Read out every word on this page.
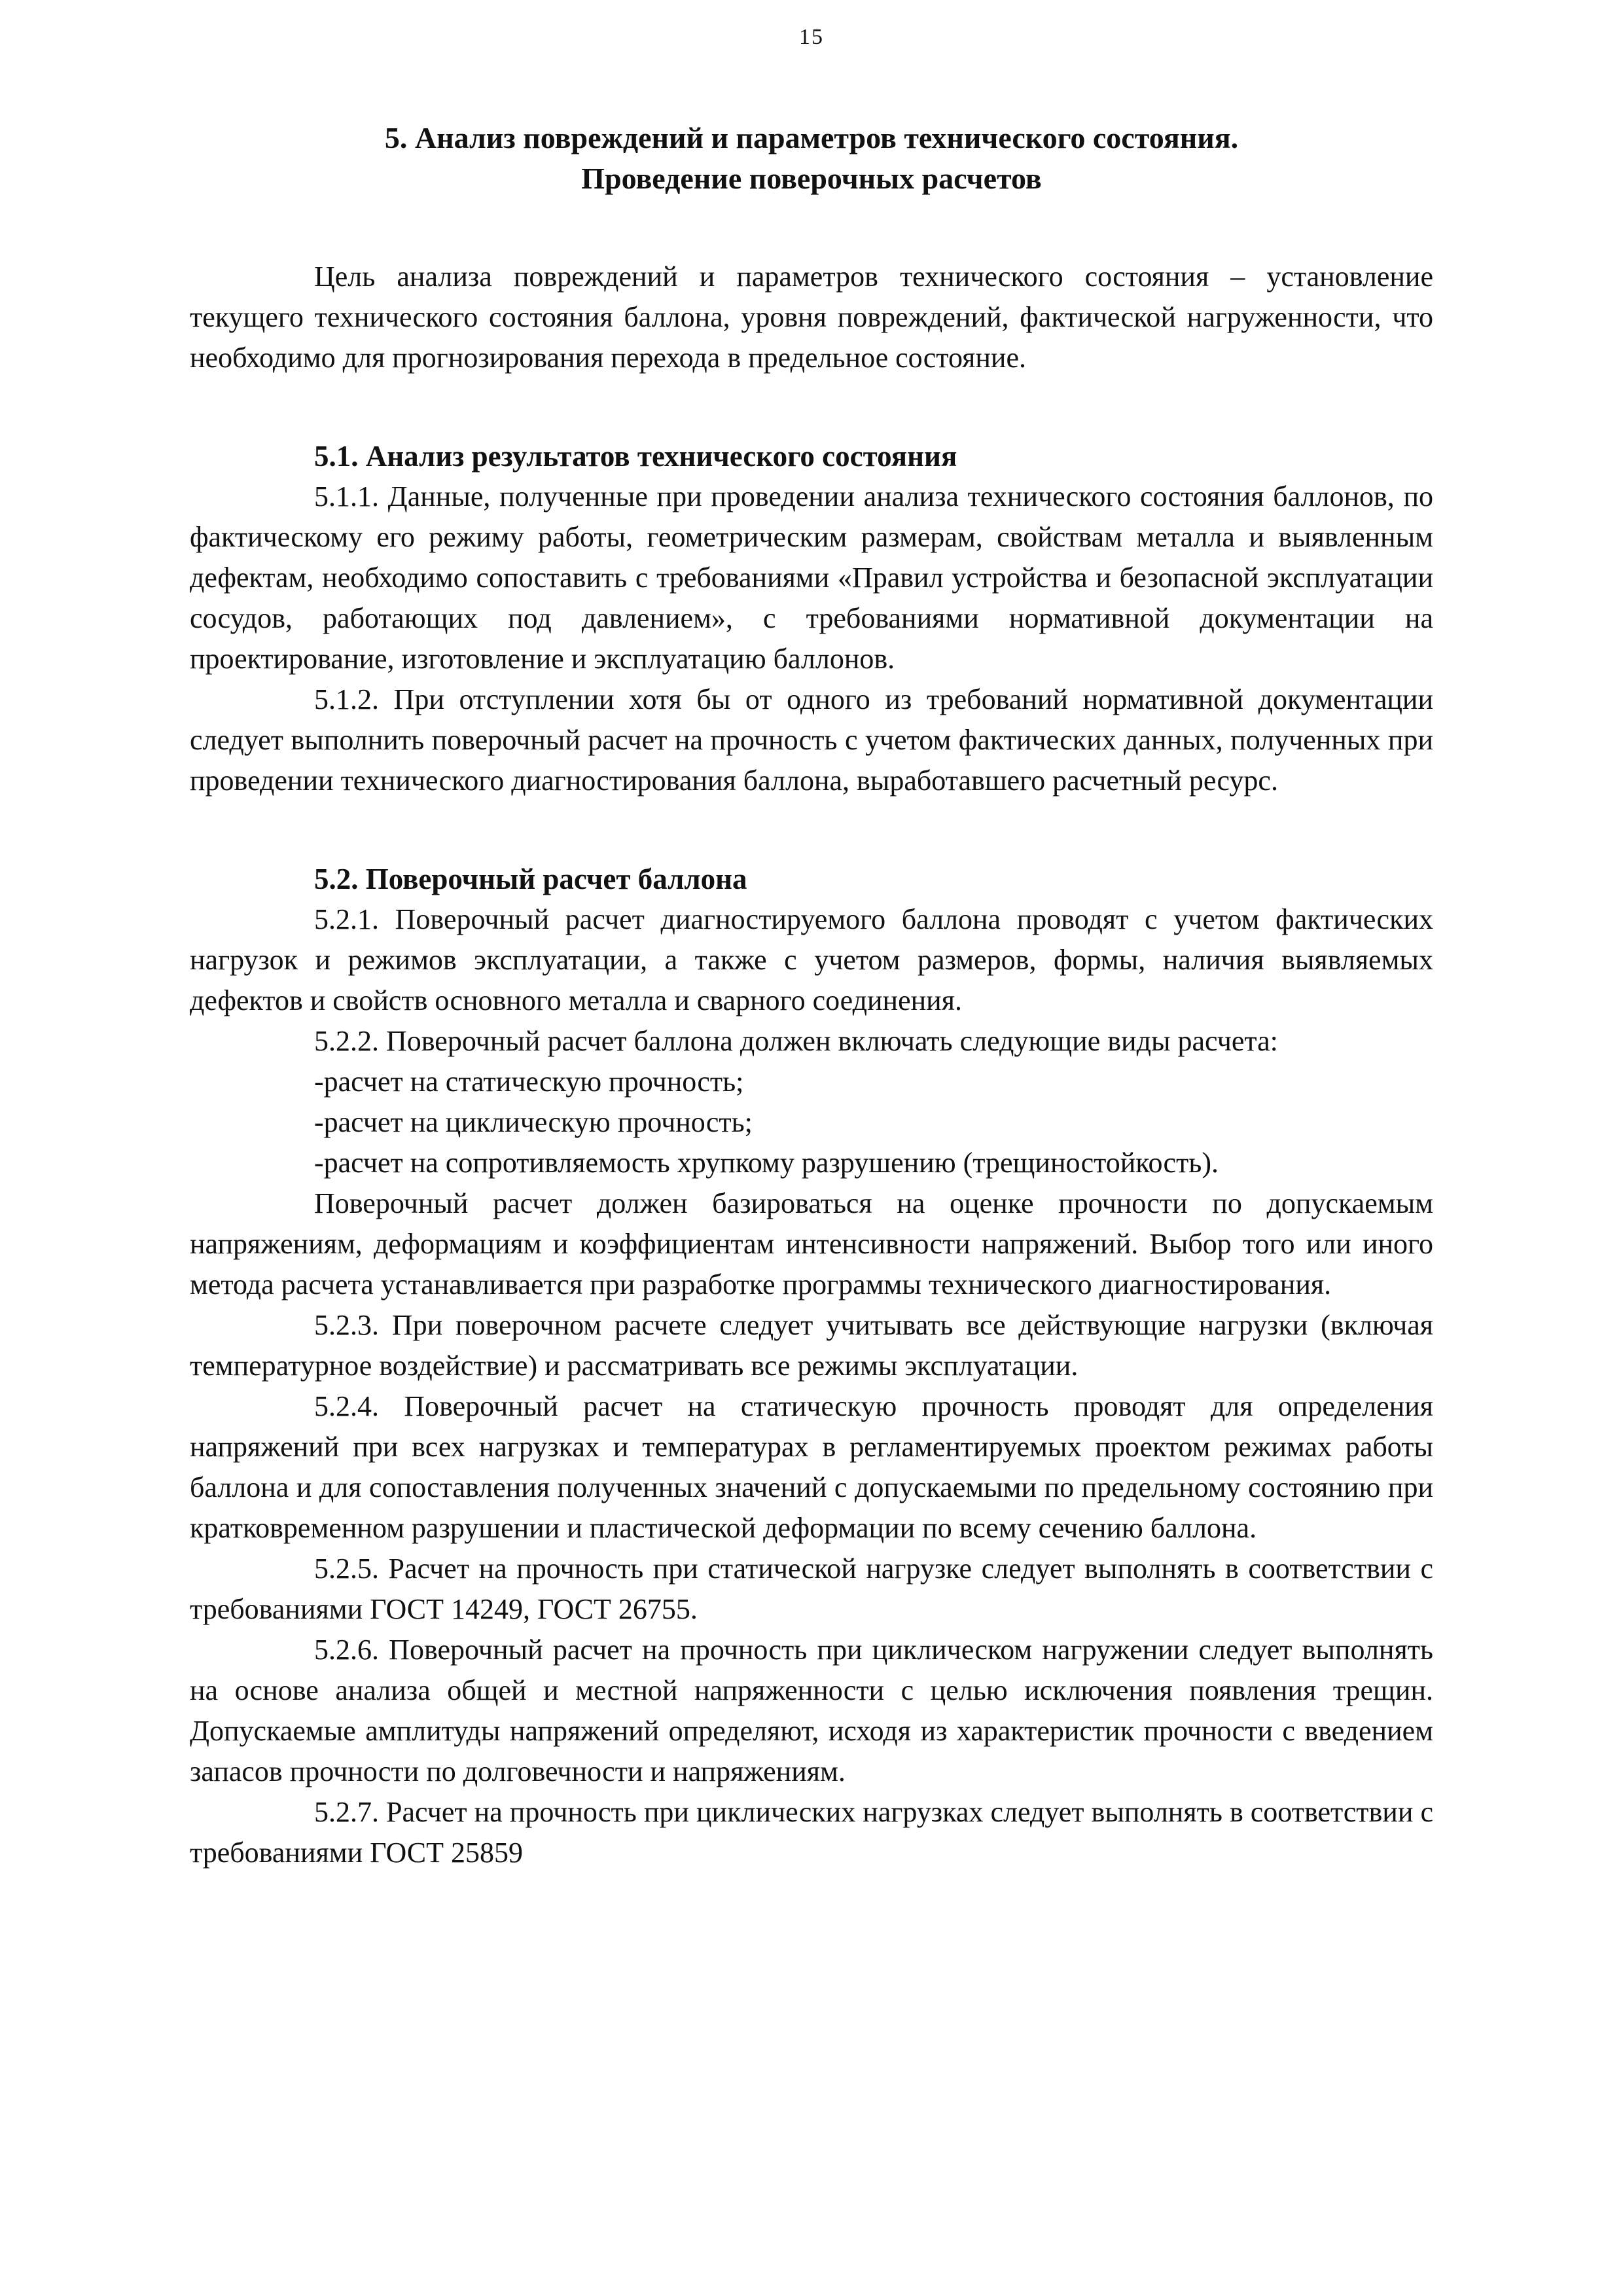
15

5. Анализ повреждений и параметров технического состояния.

Проведение поверочных расчетов

Цель анализа повреждений и параметров технического состояния – установление текущего технического состояния баллона, уровня повреждений, фактической нагруженности, что необходимо для прогнозирования перехода в предельное состояние.

5.1. Анализ результатов технического состояния

5.1.1. Данные, полученные при проведении анализа технического состояния баллонов, по фактическому его режиму работы, геометрическим размерам, свойствам металла и выявленным дефектам, необходимо сопоставить с требованиями «Правил устройства и безопасной эксплуатации сосудов, работающих под давлением», с требованиями нормативной документации на проектирование, изготовление и эксплуатацию баллонов.

5.1.2. При отступлении хотя бы от одного из требований нормативной документации следует выполнить поверочный расчет на прочность с учетом фактических данных, полученных при проведении технического диагностирования баллона, выработавшего расчетный ресурс.

5.2. Поверочный расчет баллона

5.2.1. Поверочный расчет диагностируемого баллона проводят с учетом фактических нагрузок и режимов эксплуатации, а также с учетом размеров, формы, наличия выявляемых дефектов и свойств основного металла и сварного соединения.

5.2.2. Поверочный расчет баллона должен включать следующие виды расчета:

-расчет на статическую прочность;

-расчет на циклическую прочность;

-расчет на сопротивляемость хрупкому разрушению (трещиностойкость).

Поверочный расчет должен базироваться на оценке прочности по допускаемым напряжениям, деформациям и коэффициентам интенсивности напряжений. Выбор того или иного метода расчета устанавливается при разработке программы технического диагностирования.

5.2.3. При поверочном расчете следует учитывать все действующие нагрузки (включая температурное воздействие) и рассматривать все режимы эксплуатации.

5.2.4. Поверочный расчет на статическую прочность проводят для определения напряжений при всех нагрузках и температурах в регламентируемых проектом режимах работы баллона и для сопоставления полученных значений с допускаемыми по предельному состоянию при кратковременном разрушении и пластической деформации по всему сечению баллона.

5.2.5. Расчет на прочность при статической нагрузке следует выполнять в соответствии с требованиями ГОСТ 14249, ГОСТ 26755.

5.2.6. Поверочный расчет на прочность при циклическом нагружении следует выполнять на основе анализа общей и местной напряженности с целью исключения появления трещин. Допускаемые амплитуды напряжений определяют, исходя из характеристик прочности с введением запасов прочности по долговечности и напряжениям.

5.2.7. Расчет на прочность при циклических нагрузках следует выполнять в соответствии с требованиями ГОСТ 25859
